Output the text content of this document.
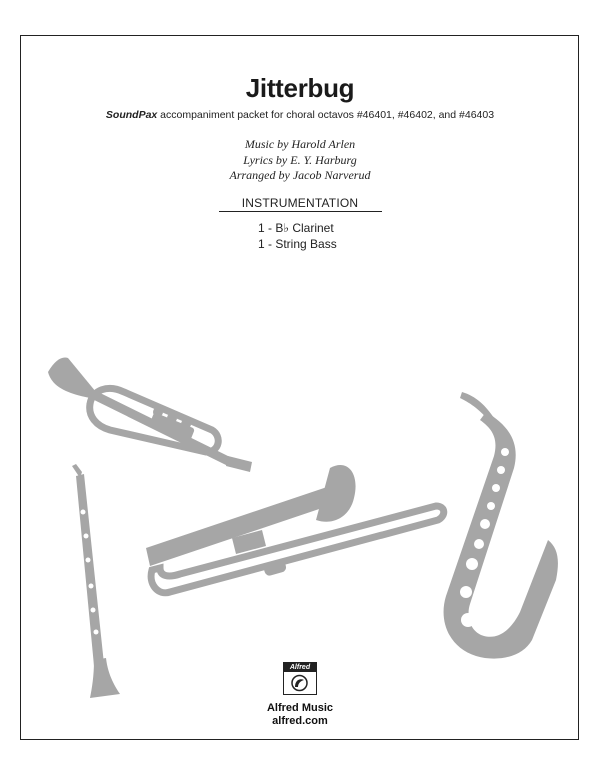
Jitterbug
SoundPax accompaniment packet for choral octavos #46401, #46402, and #46403
Music by Harold Arlen
Lyrics by E. Y. Harburg
Arranged by Jacob Narverud
INSTRUMENTATION
1 - B♭ Clarinet
1 - String Bass
Alfred
Alfred Music
alfred.com
